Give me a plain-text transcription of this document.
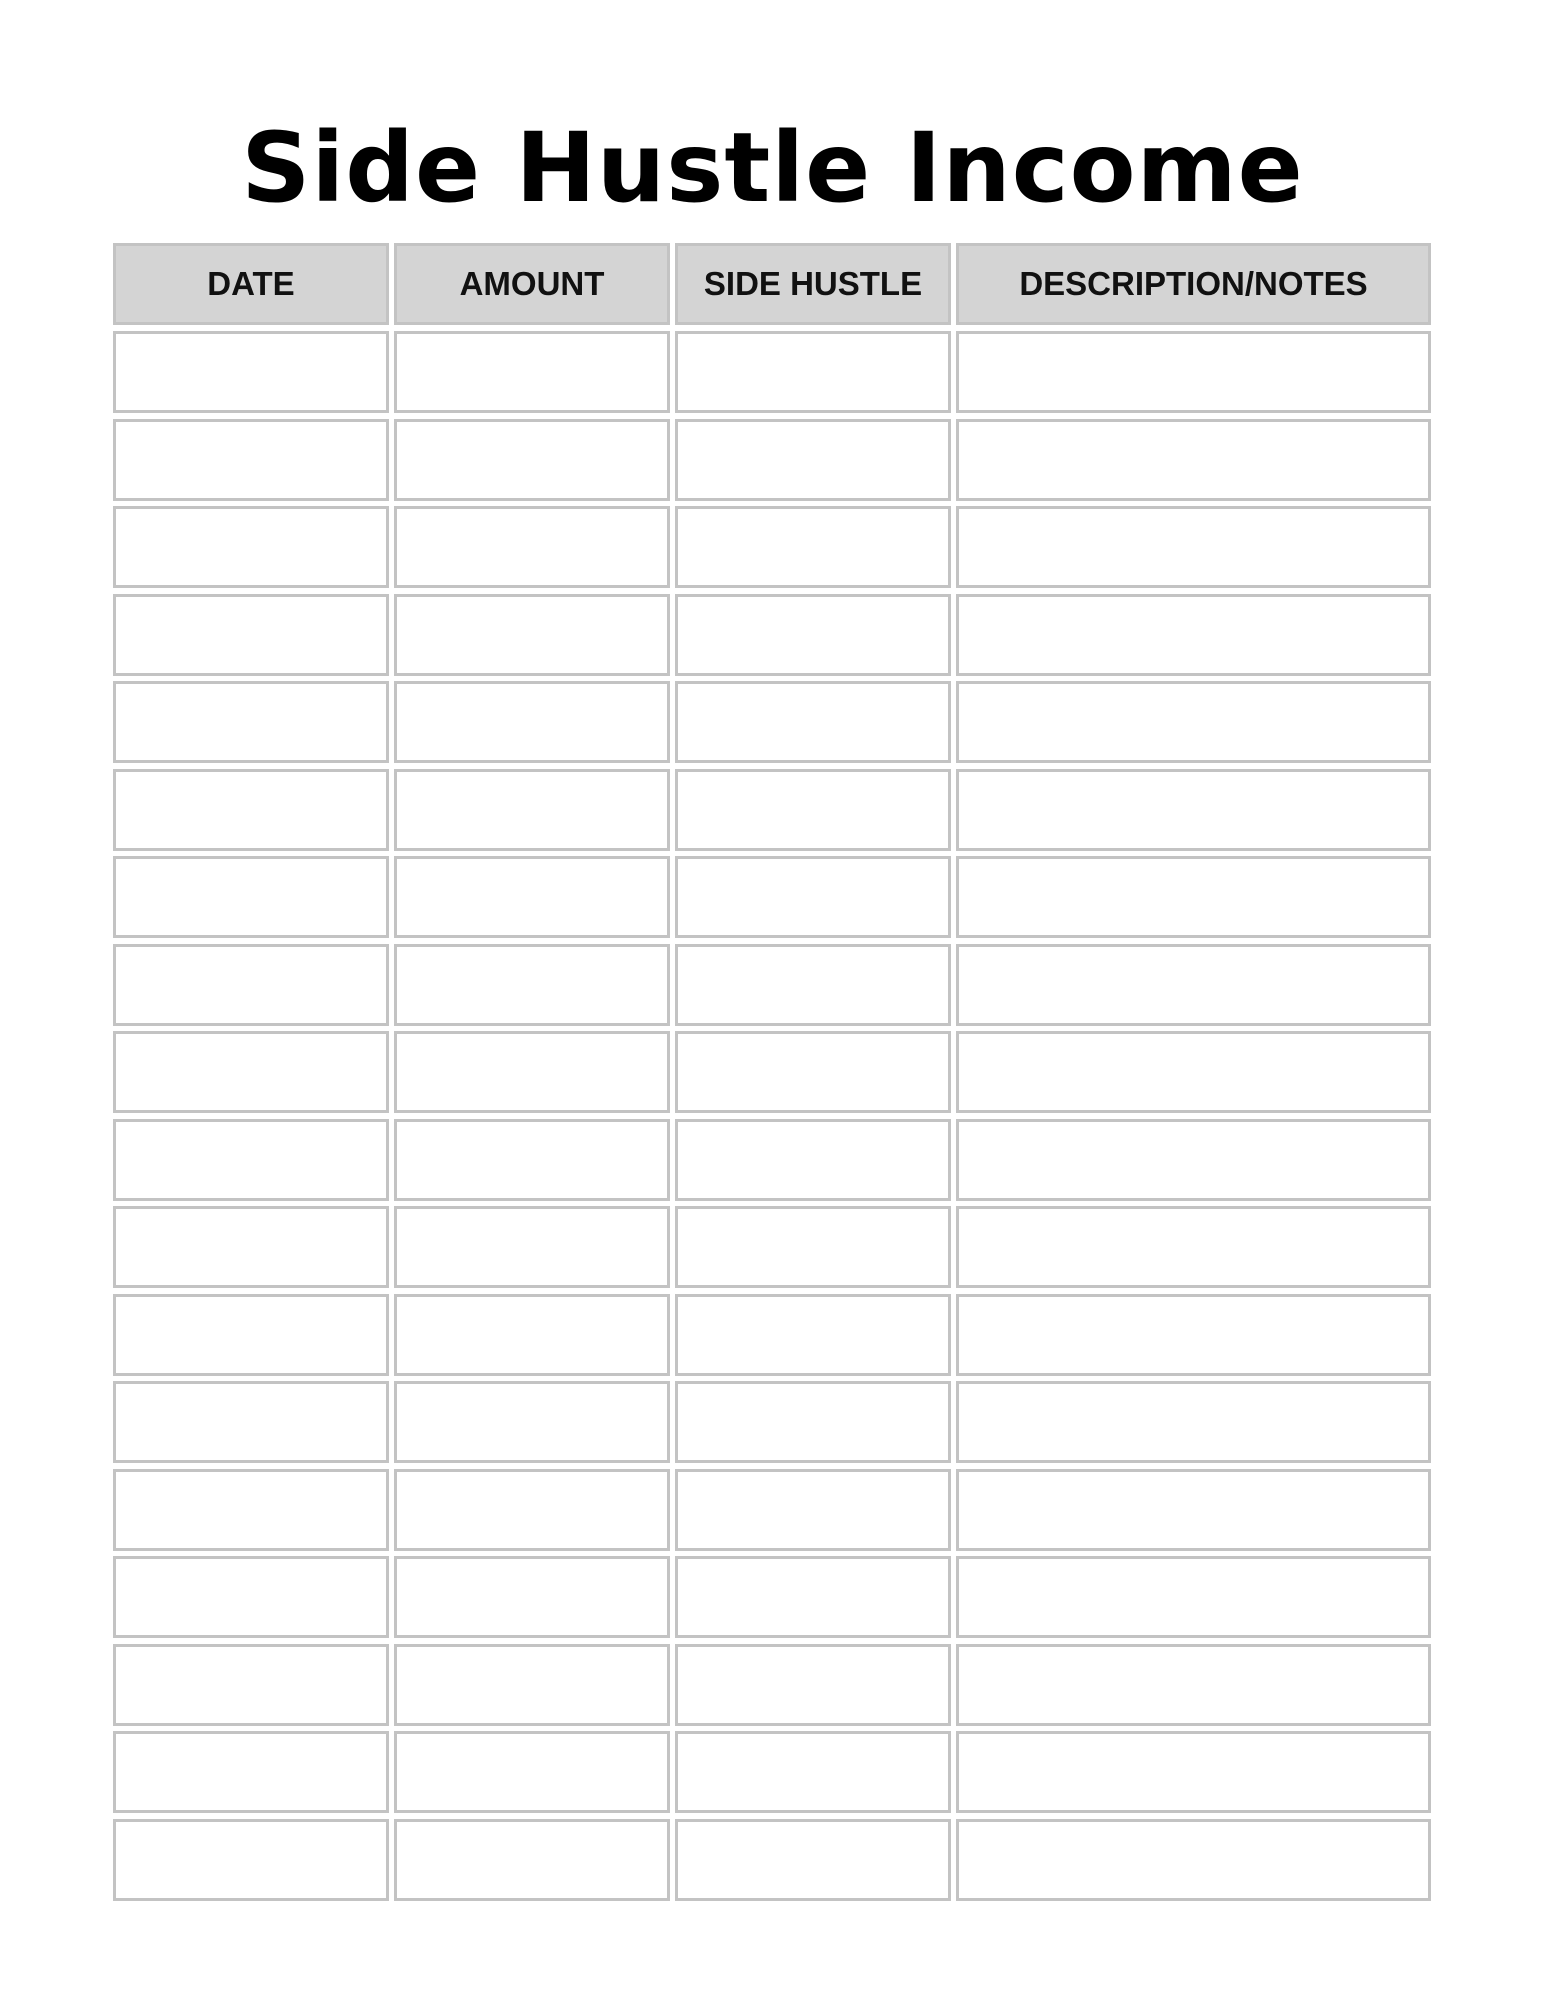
Side Hustle Income
DATE	AMOUNT	SIDE HUSTLE	DESCRIPTION/NOTES
